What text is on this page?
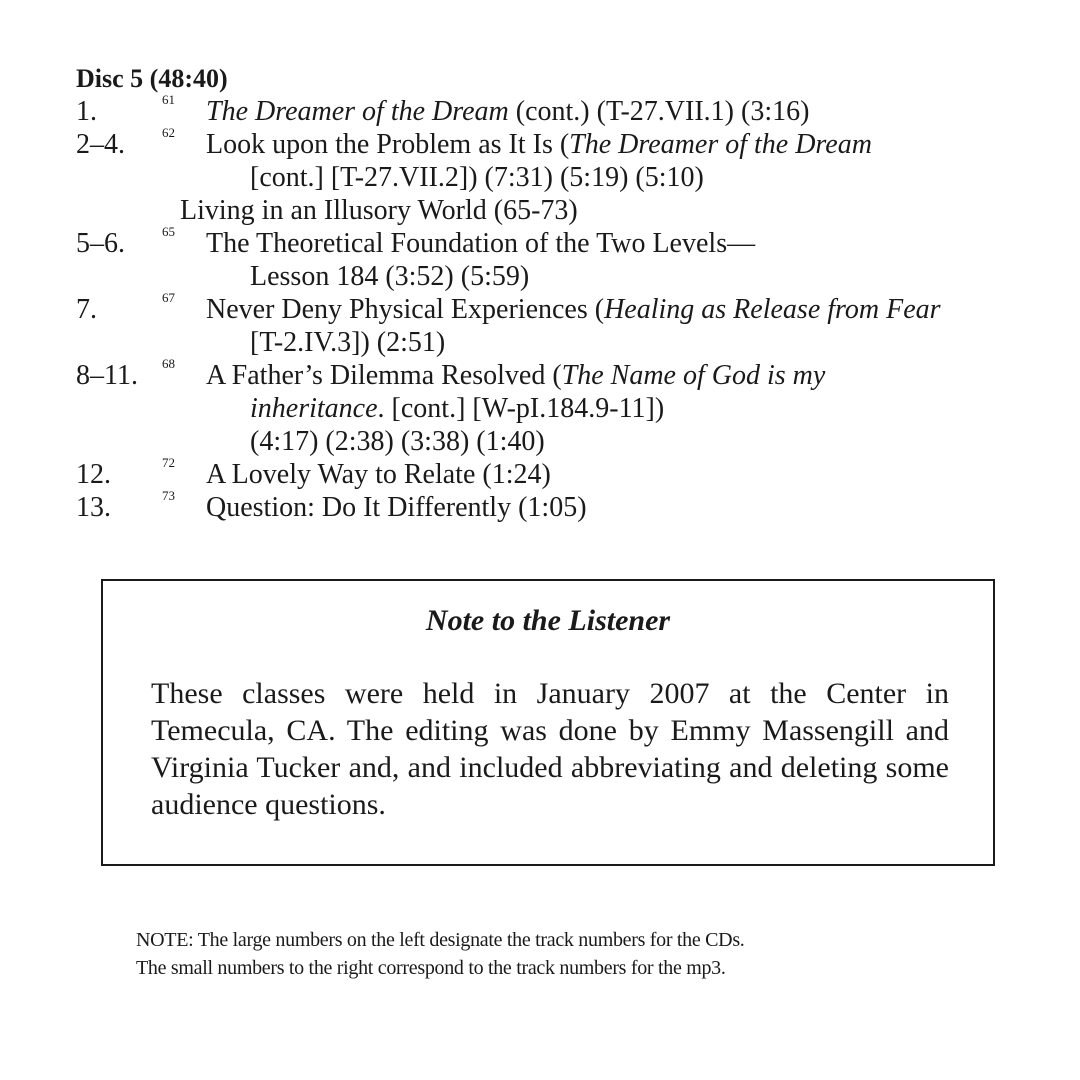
Disc 5 (48:40)

1.	61	The Dreamer of the Dream (cont.) (T-27.VII.1) (3:16)
2–4.	62	Look upon the Problem as It Is (The Dreamer of the Dream
[cont.] [T-27.VII.2]) (7:31) (5:19) (5:10)
Living in an Illusory World (65-73)
5–6.	65	The Theoretical Foundation of the Two Levels—
Lesson 184 (3:52) (5:59)
7.	67	Never Deny Physical Experiences (Healing as Release from Fear
[T-2.IV.3]) (2:51)
8–11. 68	A Father’s Dilemma Resolved (The Name of God is my
inheritance. [cont.] [W-pI.184.9-11])
(4:17) (2:38) (3:38) (1:40)
12.	72	A Lovely Way to Relate (1:24)
13.	73	Question: Do It Differently (1:05)

Note to the Listener

These classes were held in January 2007 at the Center in Temecula, CA. The editing was done by Emmy Massengill and Virginia Tucker and, and included abbreviating and deleting some audience questions.

NOTE: The large numbers on the left designate the track numbers for the CDs.
The small numbers to the right correspond to the track numbers for the mp3.
